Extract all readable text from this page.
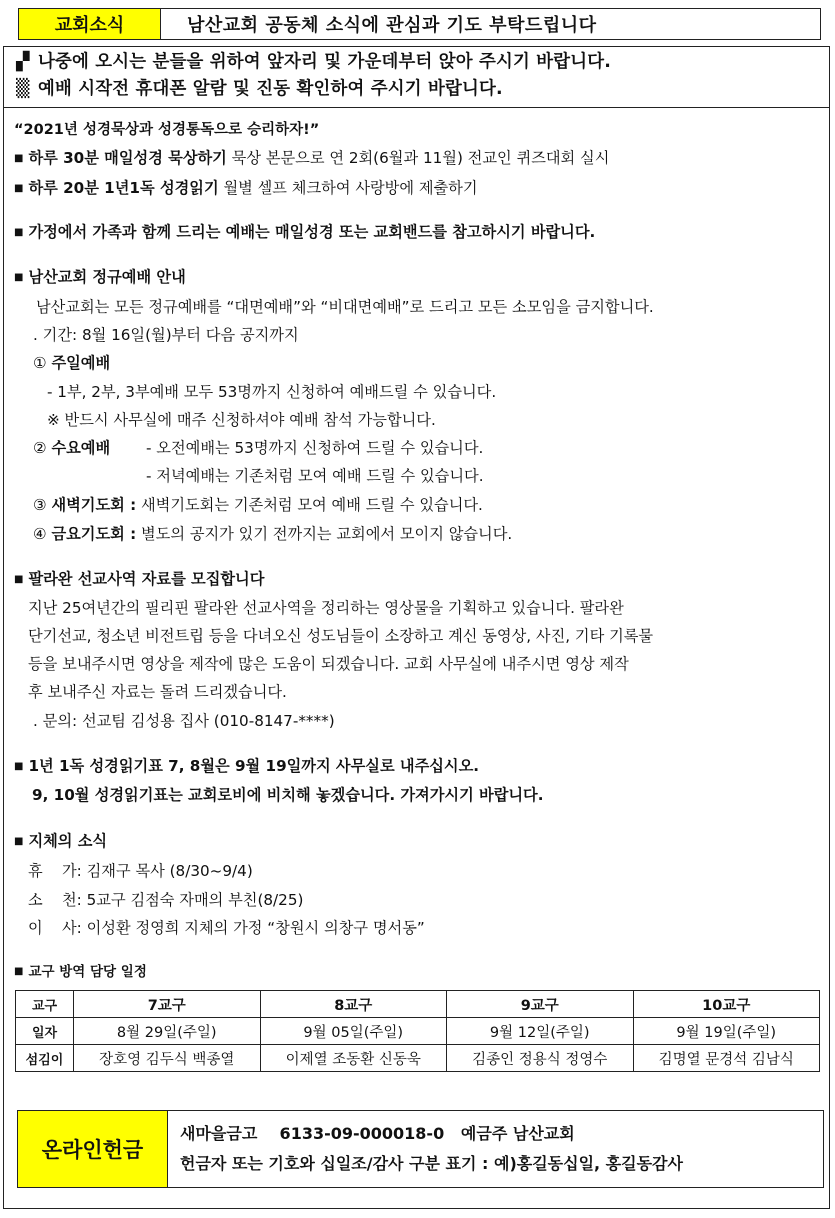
교회소식	남산교회 공동체 소식에 관심과 기도 부탁드립니다
▞ 나중에 오시는 분들을 위하여 앞자리 및 가운데부터 앉아 주시기 바랍니다.
▒ 예배 시작전 휴대폰 알람 및 진동 확인하여 주시기 바랍니다.
“2021년 성경묵상과 성경통독으로 승리하자!”
■ 하루 30분 매일성경 묵상하기 묵상 본문으로 연 2회(6월과 11월) 전교인 퀴즈대회 실시
■ 하루 20분 1년1독 성경읽기 월별 셀프 체크하여 사랑방에 제출하기
■ 가정에서 가족과 함께 드리는 예배는 매일성경 또는 교회밴드를 참고하시기 바랍니다.
■ 남산교회 정규예배 안내
남산교회는 모든 정규예배를 “대면예배”와 “비대면예배”로 드리고 모든 소모임을 금지합니다.
. 기간: 8월 16일(월)부터 다음 공지까지
① 주일예배
- 1부, 2부, 3부예배 모두 53명까지 신청하여 예배드릴 수 있습니다.
※ 반드시 사무실에 매주 신청하셔야 예배 참석 가능합니다.
② 수요예배 - 오전예배는 53명까지 신청하여 드릴 수 있습니다.
- 저녁예배는 기존처럼 모여 예배 드릴 수 있습니다.
③ 새벽기도회 : 새벽기도회는 기존처럼 모여 예배 드릴 수 있습니다.
④ 금요기도회 : 별도의 공지가 있기 전까지는 교회에서 모이지 않습니다.
■ 팔라완 선교사역 자료를 모집합니다
지난 25여년간의 필리핀 팔라완 선교사역을 정리하는 영상물을 기획하고 있습니다. 팔라완
단기선교, 청소년 비전트립 등을 다녀오신 성도님들이 소장하고 계신 동영상, 사진, 기타 기록물
등을 보내주시면 영상을 제작에 많은 도움이 되겠습니다. 교회 사무실에 내주시면 영상 제작
후 보내주신 자료는 돌려 드리겠습니다.
. 문의: 선교팀 김성용 집사 (010-8147-****)
■ 1년 1독 성경읽기표 7, 8월은 9월 19일까지 사무실로 내주십시오.
9, 10월 성경읽기표는 교회로비에 비치해 놓겠습니다. 가져가시기 바랍니다.
■ 지체의 소식
휴    가: 김재구 목사 (8/30~9/4)
소    천: 5교구 김점숙 자매의 부친(8/25)
이    사: 이성환 정영희 지체의 가정 “창원시 의창구 명서동”
■ 교구 방역 담당 일정
교구	7교구	8교구	9교구	10교구
일자	8월 29일(주일)	9월 05일(주일)	9월 12일(주일)	9월 19일(주일)
섬김이	장호영 김두식 백종열	이제열 조동환 신동욱	김종인 정용식 정영수	김명열 문경석 김남식
온라인헌금
새마을금고    6133-09-000018-0   예금주 남산교회
헌금자 또는 기호와 십일조/감사 구분 표기 : 예)홍길동십일, 홍길동감사
